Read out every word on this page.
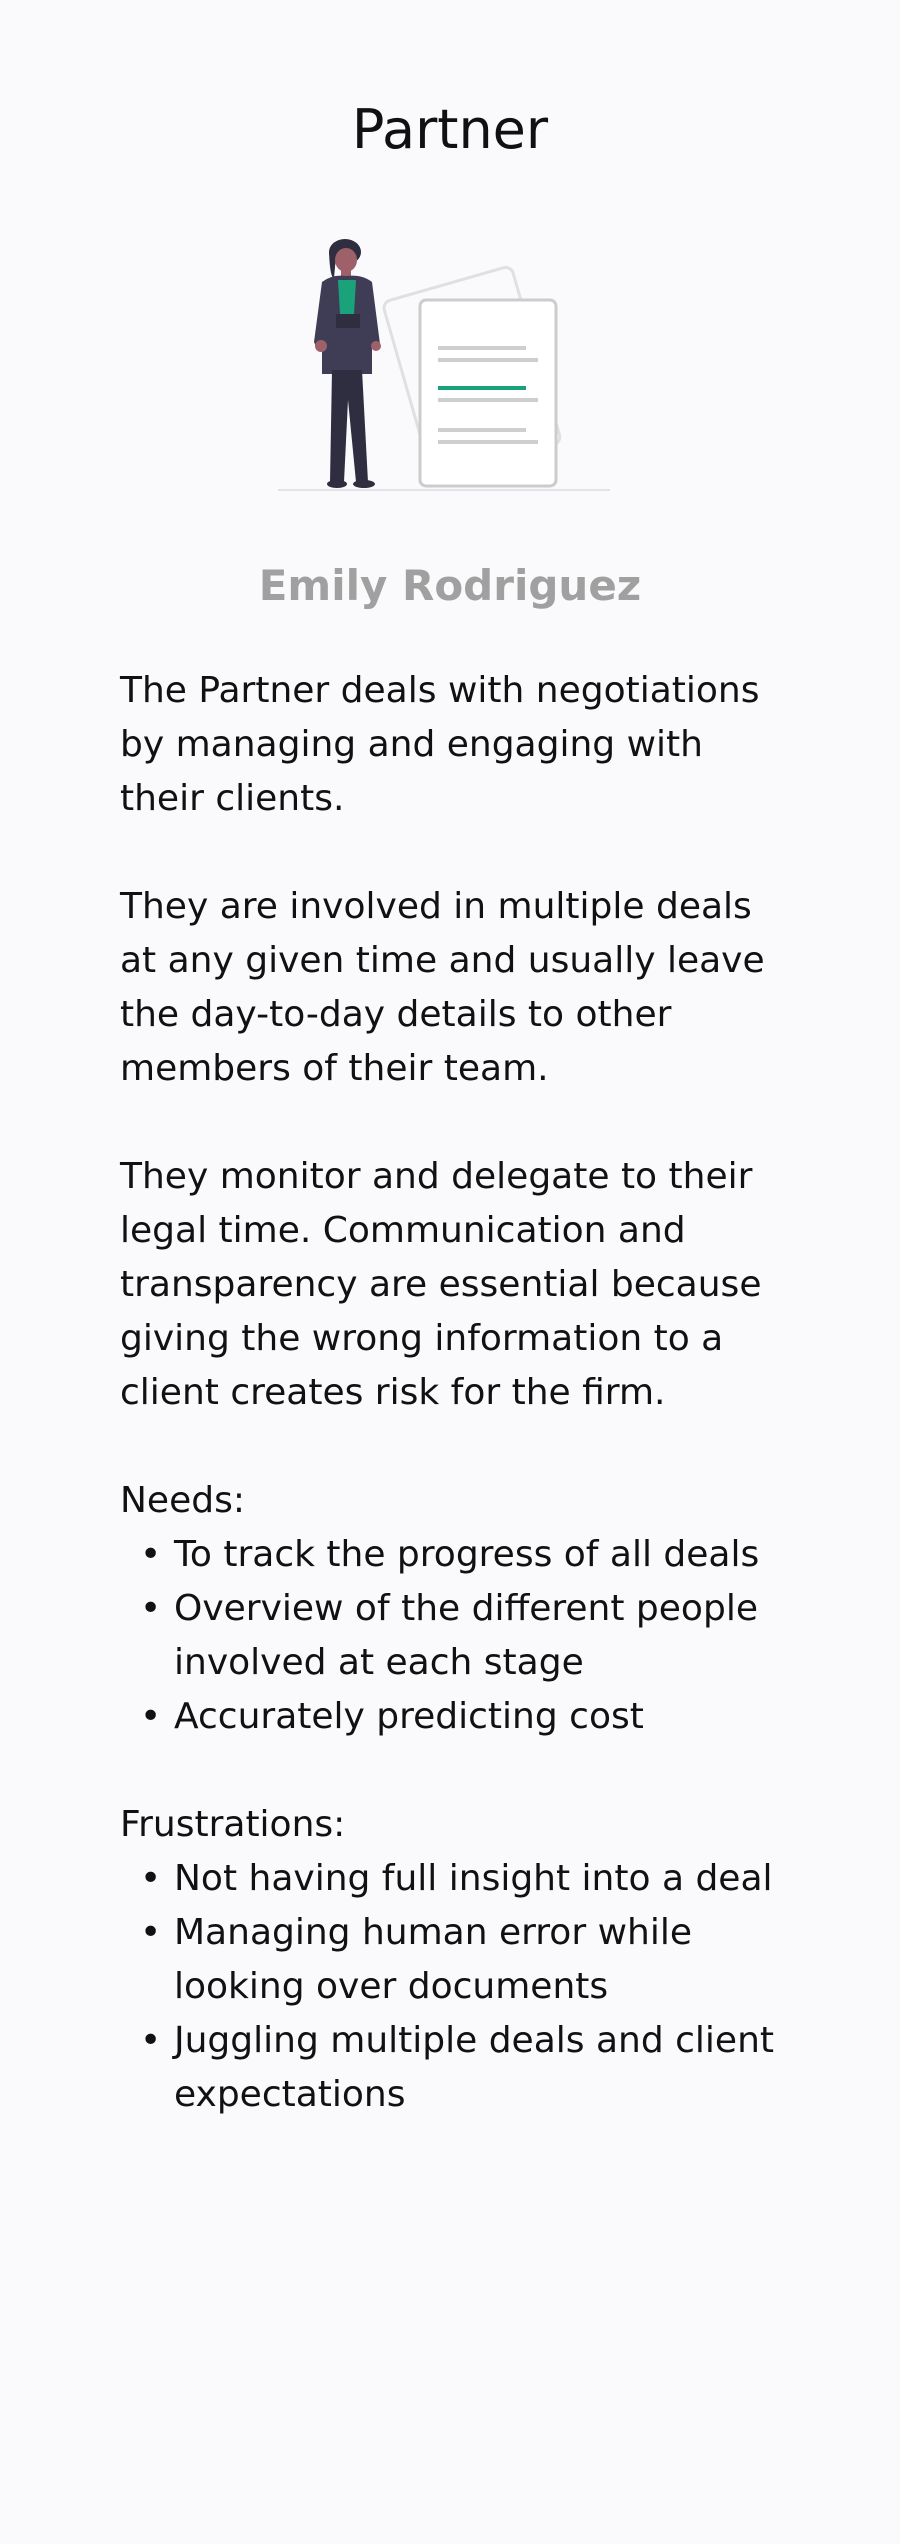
Partner
Emily Rodriguez

The Partner deals with negotiations by managing and engaging with their clients.

They are involved in multiple deals at any given time and usually leave the day-to-day details to other members of their team.

They monitor and delegate to their legal time. Communication and transparency are essential because giving the wrong information to a client creates risk for the firm.

Needs:
• To track the progress of all deals
• Overview of the different people involved at each stage
• Accurately predicting cost
Frustrations:
• Not having full insight into a deal
• Managing human error while looking over documents
• Juggling multiple deals and client expectations
